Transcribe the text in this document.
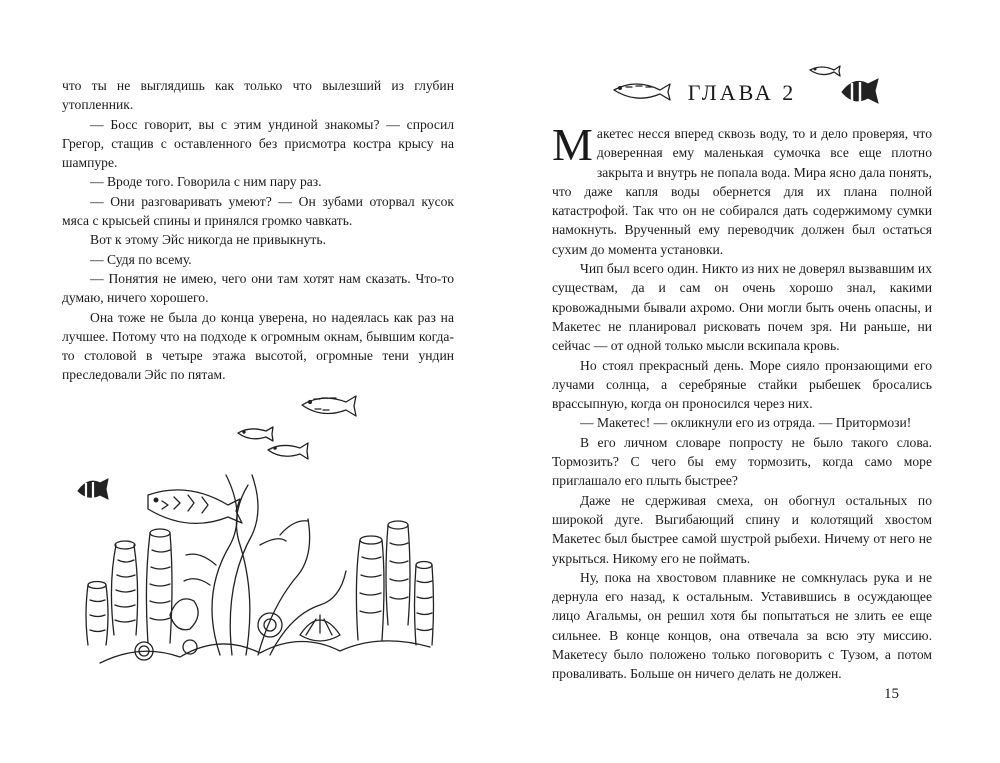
что ты не выглядишь как только что вылезший из глубин утопленник.

— Босс говорит, вы с этим ундиной знакомы? — спросил Грегор, стащив с оставленного без присмотра костра крысу на шампуре.

— Вроде того. Говорила с ним пару раз.

— Они разговаривать умеют? — Он зубами оторвал кусок мяса с крысьей спины и принялся громко чавкать.

Вот к этому Эйс никогда не привыкнуть.

— Судя по всему.

— Понятия не имею, чего они там хотят нам сказать. Что-то думаю, ничего хорошего.

Она тоже не была до конца уверена, но надеялась как раз на лучшее. Потому что на подходе к огромным окнам, бывшим когда-то столовой в четыре этажа высотой, огромные тени ундин преследовали Эйс по пятам.

ГЛАВА 2

Макетес несся вперед сквозь воду, то и дело проверяя, что доверенная ему маленькая сумочка все еще плотно закрыта и внутрь не попала вода. Мира ясно дала понять, что даже капля воды обернется для их плана полной катастрофой. Так что он не собирался дать содержимому сумки намокнуть. Врученный ему переводчик должен был остаться сухим до момента установки.

Чип был всего один. Никто из них не доверял вызвавшим их существам, да и сам он очень хорошо знал, какими кровожадными бывали ахромо. Они могли быть очень опасны, и Макетес не планировал рисковать почем зря. Ни раньше, ни сейчас — от одной только мысли вскипала кровь.

Но стоял прекрасный день. Море сияло пронзающими его лучами солнца, а серебряные стайки рыбешек бросались врассыпную, когда он проносился через них.

— Макетес! — окликнули его из отряда. — Притормози!

В его личном словаре попросту не было такого слова. Тормозить? С чего бы ему тормозить, когда само море приглашало его плыть быстрее?

Даже не сдерживая смеха, он обогнул остальных по широкой дуге. Выгибающий спину и колотящий хвостом Макетес был быстрее самой шустрой рыбехи. Ничему от него не укрыться. Никому его не поймать.

Ну, пока на хвостовом плавнике не сомкнулась рука и не дернула его назад, к остальным. Уставившись в осуждающее лицо Агальмы, он решил хотя бы попытаться не злить ее еще сильнее. В конце концов, она отвечала за всю эту миссию. Макетесу было положено только поговорить с Тузом, а потом проваливать. Больше он ничего делать не должен.

15
